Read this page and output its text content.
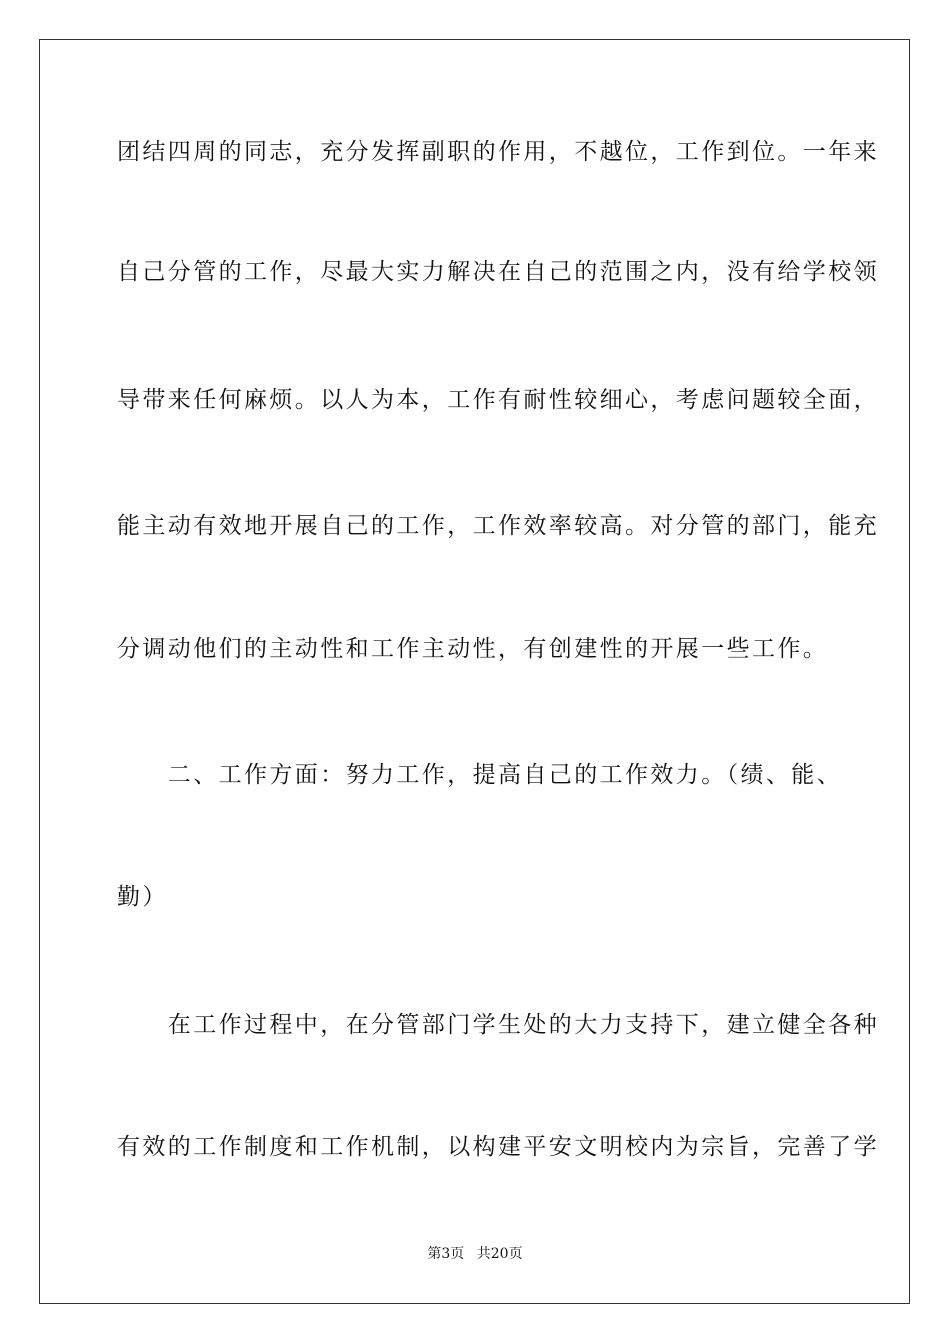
团结四周的同志，充分发挥副职的作用，不越位，工作到位。一年来
自己分管的工作，尽最大实力解决在自己的范围之内，没有给学校领
导带来任何麻烦。以人为本，工作有耐性较细心，考虑问题较全面，
能主动有效地开展自己的工作，工作效率较高。对分管的部门，能充
分调动他们的主动性和工作主动性，有创建性的开展一些工作。
　　二、工作方面：努力工作，提高自己的工作效力。（绩、能、
勤）
　　在工作过程中，在分管部门学生处的大力支持下，建立健全各种
有效的工作制度和工作机制，以构建平安文明校内为宗旨，完善了学
第3页 共20页
